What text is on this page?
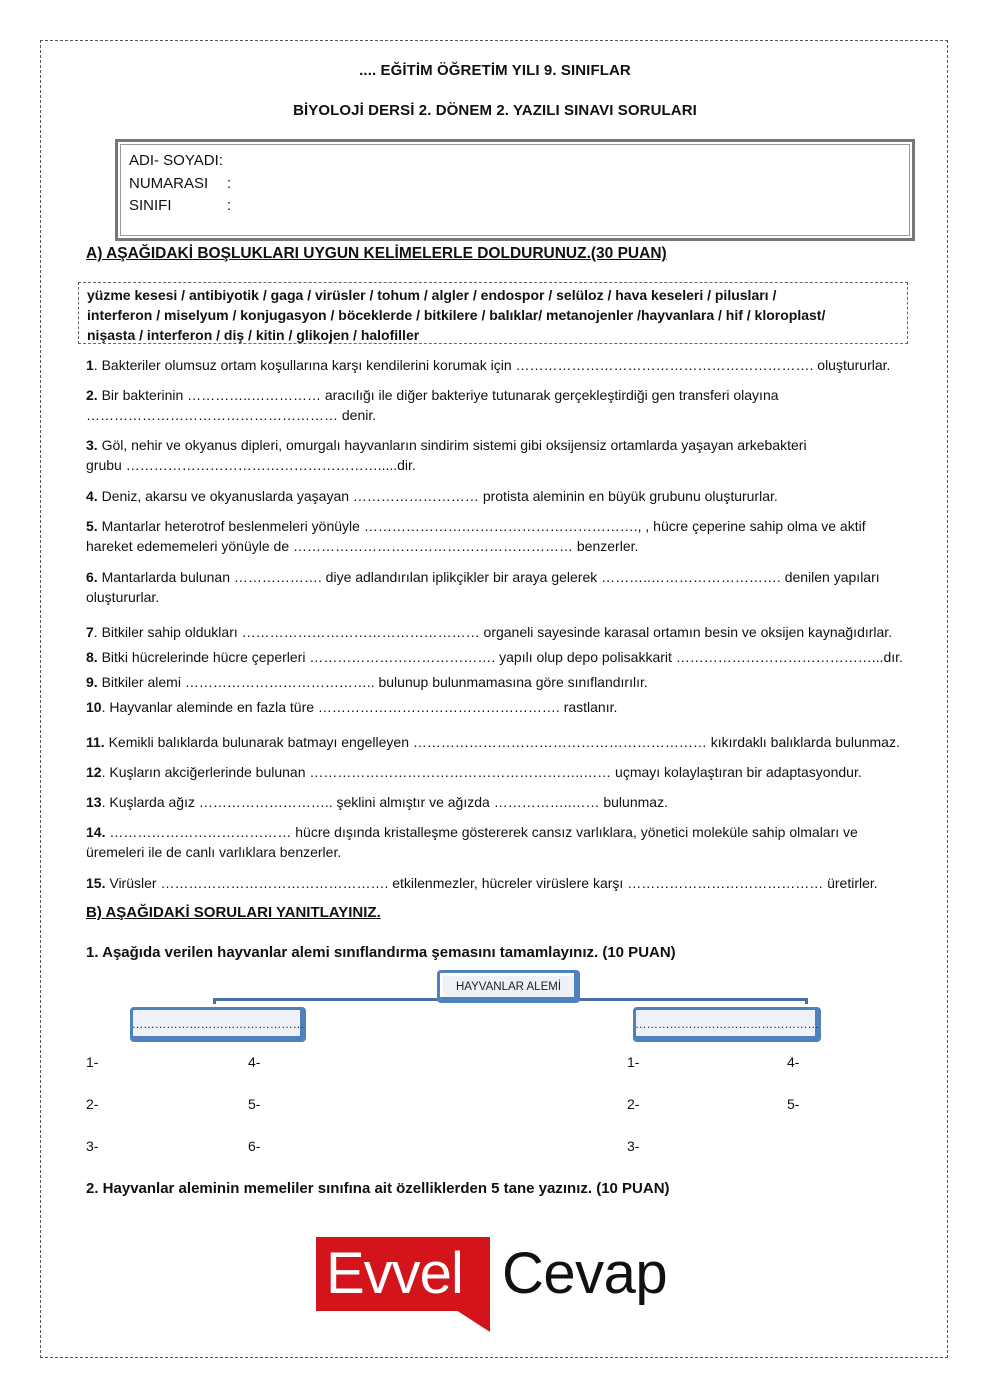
.... EĞİTİM ÖĞRETİM YILI 9. SINIFLAR
BİYOLOJİ DERSİ 2. DÖNEM 2. YAZILI SINAVI SORULARI
ADI- SOYADI:
NUMARASI	:
SINIFI	:
A) AŞAĞIDAKİ BOŞLUKLARI UYGUN KELİMELERLE DOLDURUNUZ.(30 PUAN)
yüzme kesesi / antibiyotik / gaga / virüsler / tohum / algler / endospor / selüloz / hava keseleri / pilusları /
interferon / miselyum / konjugasyon / böceklerde / bitkilere / balıklar/ metanojenler /hayvanlara / hif / kloroplast/
nişasta / interferon / diş / kitin / glikojen / halofiller
1. Bakteriler olumsuz ortam koşullarına karşı kendilerini korumak için ………………………………………………………. oluştururlar.
2. Bir bakterinin …………..…………… aracılığı ile diğer bakteriye tutunarak gerçekleştirdiği gen transferi olayına
……………………………………………… denir.
3. Göl, nehir ve okyanus dipleri, omurgalı hayvanların sindirim sistemi gibi oksijensiz ortamlarda yaşayan arkebakteri
grubu ……………………………………………….....dir.
4. Deniz, akarsu ve okyanuslarda yaşayan ……………………… protista aleminin en büyük grubunu oluştururlar.
5. Mantarlar heterotrof beslenmeleri yönüyle ………………….………………………………., , hücre çeperine sahip olma ve aktif
hareket edememeleri yönüyle de …………………………………………………… benzerler.
6. Mantarlarda bulunan ………………. diye adlandırılan iplikçikler bir araya gelerek ………..………………………. denilen yapıları
oluştururlar.
7. Bitkiler sahip oldukları …………………………………………… organeli sayesinde karasal ortamın besin ve oksijen kaynağıdırlar.
8. Bitki hücrelerinde hücre çeperleri …………………………………. yapılı olup depo polisakkarit ……………………………………...dır.
9. Bitkiler alemi ………………………………….. bulunup bulunmamasına göre sınıflandırılır.
10. Hayvanlar aleminde en fazla türe ……………………………………………. rastlanır.
11. Kemikli balıklarda bulunarak batmayı engelleyen ……………………………………………………… kıkırdaklı balıklarda bulunmaz.
12. Kuşların akciğerlerinde bulunan …………………………………………………..…… uçmayı kolaylaştıran bir adaptasyondur.
13. Kuşlarda ağız ……………………….. şeklini almıştır ve ağızda ……………..…… bulunmaz.
14. ………………………………… hücre dışında kristalleşme göstererek cansız varlıklara, yönetici moleküle sahip olmaları ve
üremeleri ile de canlı varlıklara benzerler.
15. Virüsler …………………………………………. etkilenmezler, hücreler virüslere karşı …………………………………… üretirler.
B) AŞAĞIDAKİ SORULARI YANITLAYINIZ.
1. Aşağıda verilen hayvanlar alemi sınıflandırma şemasını tamamlayınız. (10 PUAN)
HAYVANLAR ALEMİ
………………………………………	…………………………………………
1-
2-
3-
4-
5-
6-
1-
2-
3-
4-
5-
2. Hayvanlar aleminin memeliler sınıfına ait özelliklerden 5 tane yazınız. (10 PUAN)
Evvel Cevap
